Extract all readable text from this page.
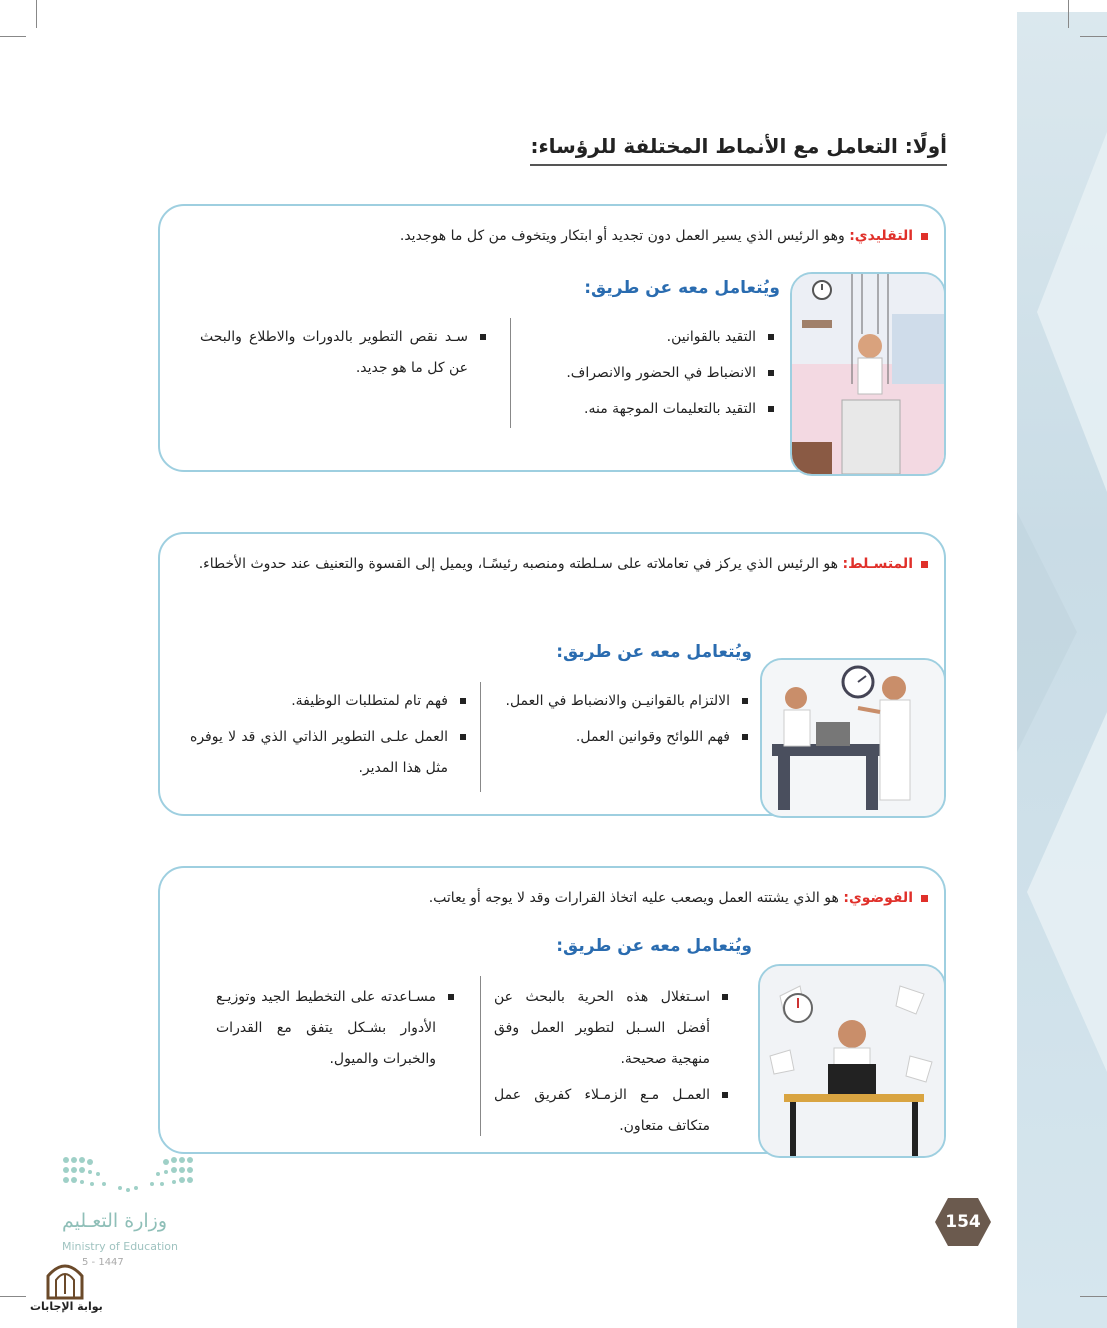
أولًا: التعامل مع الأنماط المختلفة للرؤساء:
التقليدي: وهو الرئيس الذي يسير العمل دون تجديد أو ابتكار ويتخوف من كل ما هوجديد.
ويُتعامل معه عن طريق:
التقيد بالقوانين.
الانضباط في الحضور والانصراف.
التقيد بالتعليمات الموجهة منه.
سـد نقص التطوير بالدورات والاطلاع والبحث عن كل ما هو جديد.
المتسـلط: هو الرئيس الذي يركز في تعاملاته على سـلطته ومنصبه رئيسًـا، ويميل إلى القسوة والتعنيف عند حدوث الأخطاء.
ويُتعامل معه عن طريق:
الالتزام بالقوانيـن والانضباط في العمل.
فهم اللوائح وقوانين العمل.
فهم تام لمتطلبات الوظيفة.
العمل علـى التطوير الذاتي الذي قد لا يوفره مثل هذا المدير.
الفوضوي: هو الذي يشتته العمل ويصعب عليه اتخاذ القرارات وقد لا يوجه أو يعاتب.
ويُتعامل معه عن طريق:
اسـتغلال هذه الحرية بالبحث عن أفضل السـبل لتطوير العمل وفق منهجية صحيحة.
العمـل مـع الزمـلاء كفريق عمل متكاتف متعاون.
مسـاعدته على التخطيط الجيد وتوزيـع الأدوار بشـكل يتفق مع القدرات والخبرات والميول.
154
وزارة التعـليم
Ministry of Education
5 - 1447
بوابة الإجابات
